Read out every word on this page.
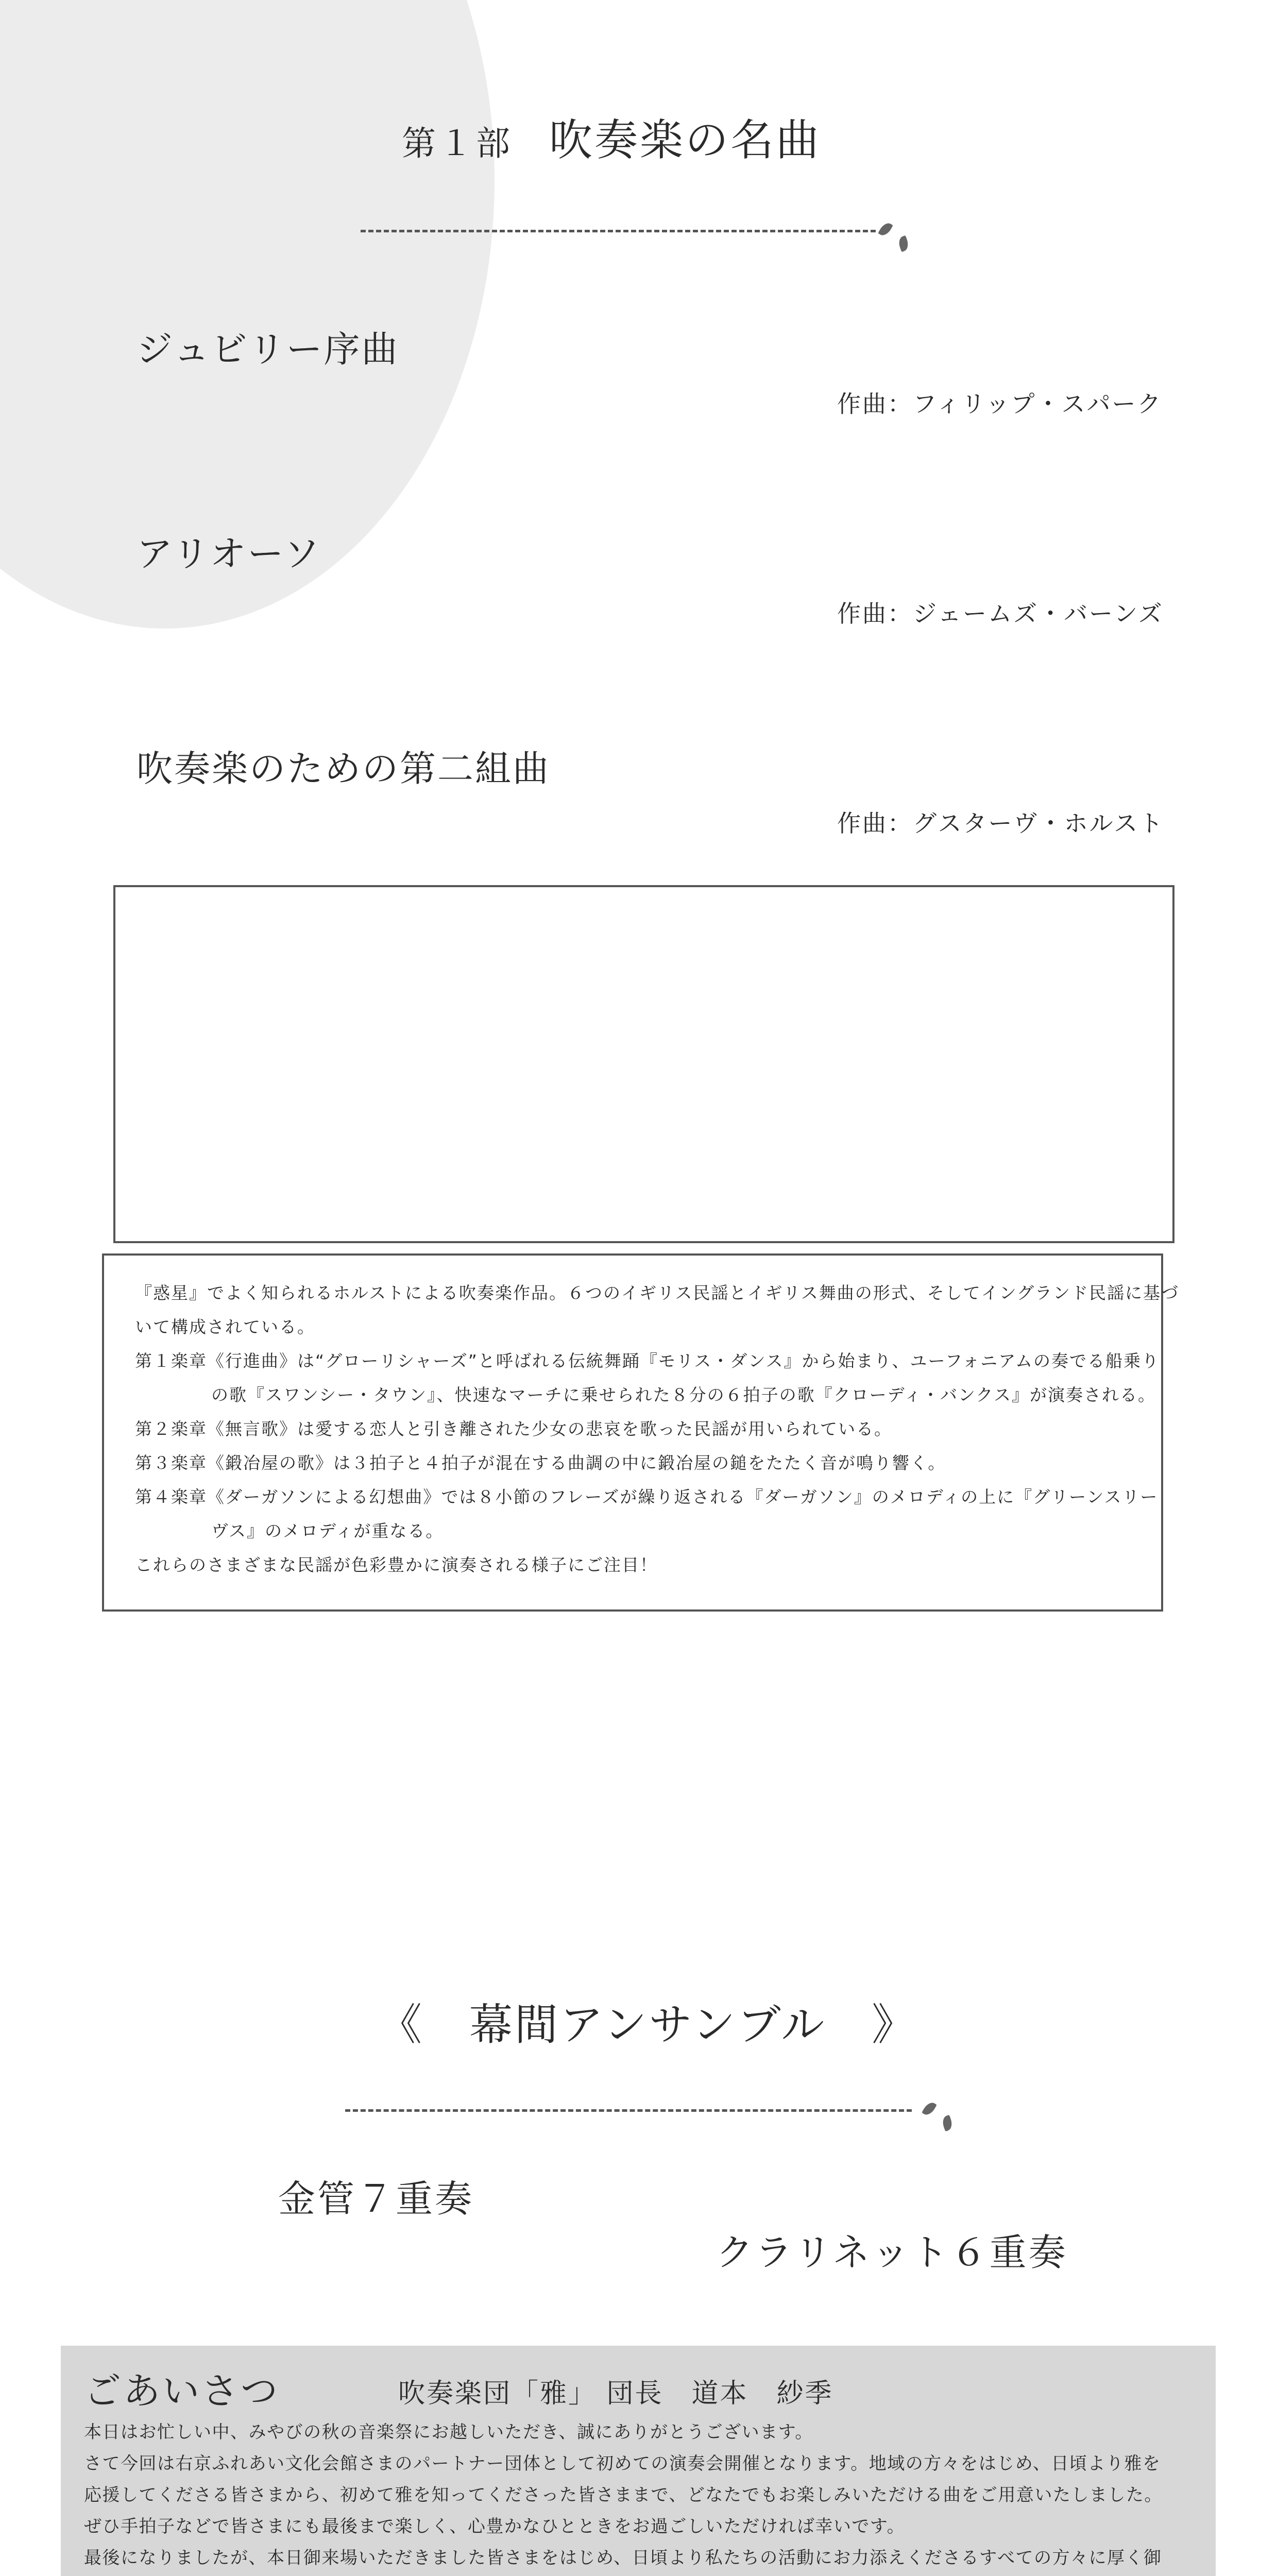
第１部 吹奏楽の名曲
ジュビリー序曲
作曲：フィリップ・スパーク
アリオーソ
作曲：ジェームズ・バーンズ
吹奏楽のための第二組曲
作曲：グスターヴ・ホルスト
『惑星』でよく知られるホルストによる吹奏楽作品。６つのイギリス民謡とイギリス舞曲の形式、そしてイングランド民謡に基づ
いて構成されている。
第１楽章《行進曲》は“グローリシャーズ”と呼ばれる伝統舞踊『モリス・ダンス』から始まり、ユーフォニアムの奏でる船乗り
の歌『スワンシー・タウン』、快速なマーチに乗せられた８分の６拍子の歌『クローディ・バンクス』が演奏される。
第２楽章《無言歌》は愛する恋人と引き離された少女の悲哀を歌った民謡が用いられている。
第３楽章《鍛冶屋の歌》は３拍子と４拍子が混在する曲調の中に鍛冶屋の鎚をたたく音が鳴り響く。
第４楽章《ダーガソンによる幻想曲》では８小節のフレーズが繰り返される『ダーガソン』のメロディの上に『グリーンスリー
ヴス』のメロディが重なる。
これらのさまざまな民謡が色彩豊かに演奏される様子にご注目！
《　幕間アンサンブル　》
金管７重奏
クラリネット６重奏
ごあいさつ	吹奏楽団「雅」 団長　道本　紗季
本日はお忙しい中、みやびの秋の音楽祭にお越しいただき、誠にありがとうございます。
さて今回は右京ふれあい文化会館さまのパートナー団体として初めての演奏会開催となります。地域の方々をはじめ、日頃より雅を
応援してくださる皆さまから、初めて雅を知ってくださった皆さままで、どなたでもお楽しみいただける曲をご用意いたしました。
ぜひ手拍子などで皆さまにも最後まで楽しく、心豊かなひとときをお過ごしいただければ幸いです。
最後になりましたが、本日御来場いただきました皆さまをはじめ、日頃より私たちの活動にお力添えくださるすべての方々に厚く御
